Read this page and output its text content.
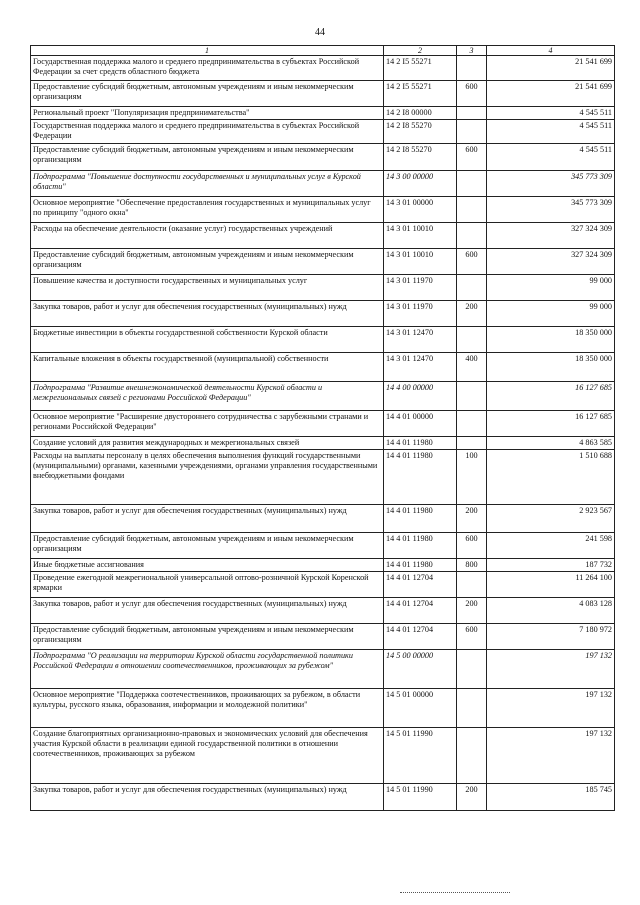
44
1	2	3	4
Государственная поддержка малого и среднего предпринимательства в субъектах Российской Федерации за счет средств областного бюджета	14 2 I5 55271		21 541 699
Предоставление субсидий бюджетным, автономным учреждениям и иным некоммерческим организациям	14 2 I5 55271	600	21 541 699
Региональный проект "Популяризация предпринимательства"	14 2 I8 00000		4 545 511
Государственная поддержка малого и среднего предпринимательства в субъектах Российской Федерации	14 2 I8 55270		4 545 511
Предоставление субсидий бюджетным, автономным учреждениям и иным некоммерческим организациям	14 2 I8 55270	600	4 545 511
Подпрограмма "Повышение доступности государственных и муниципальных услуг в Курской области"	14 3 00 00000		345 773 309
Основное мероприятие "Обеспечение предоставления государственных и муниципальных услуг по принципу "одного окна"	14 3 01 00000		345 773 309
Расходы на обеспечение деятельности (оказание услуг) государственных учреждений	14 3 01 10010		327 324 309
Предоставление субсидий бюджетным, автономным учреждениям и иным некоммерческим организациям	14 3 01 10010	600	327 324 309
Повышение качества и доступности государственных и муниципальных услуг	14 3 01 11970		99 000
Закупка товаров, работ и услуг для обеспечения государственных (муниципальных) нужд	14 3 01 11970	200	99 000
Бюджетные инвестиции в объекты государственной собственности Курской области	14 3 01 12470		18 350 000
Капитальные вложения в объекты государственной (муниципальной) собственности	14 3 01 12470	400	18 350 000
Подпрограмма "Развитие внешнеэкономической деятельности Курской области и межрегиональных связей с регионами Российской Федерации"	14 4 00 00000		16 127 685
Основное мероприятие "Расширение двустороннего сотрудничества с зарубежными странами и регионами Российской Федерации"	14 4 01 00000		16 127 685
Создание условий для развития международных и межрегиональных связей	14 4 01 11980		4 863 585
Расходы на выплаты персоналу в целях обеспечения выполнения функций государственными (муниципальными) органами, казенными учреждениями, органами управления государственными внебюджетными фондами	14 4 01 11980	100	1 510 688
Закупка товаров, работ и услуг для обеспечения государственных (муниципальных) нужд	14 4 01 11980	200	2 923 567
Предоставление субсидий бюджетным, автономным учреждениям и иным некоммерческим организациям	14 4 01 11980	600	241 598
Иные бюджетные ассигнования	14 4 01 11980	800	187 732
Проведение ежегодной межрегиональной универсальной оптово-розничной Курской Коренской ярмарки	14 4 01 12704		11 264 100
Закупка товаров, работ и услуг для обеспечения государственных (муниципальных) нужд	14 4 01 12704	200	4 083 128
Предоставление субсидий бюджетным, автономным учреждениям и иным некоммерческим организациям	14 4 01 12704	600	7 180 972
Подпрограмма "О реализации на территории Курской области государственной политики Российской Федерации в отношении соотечественников, проживающих за рубежом"	14 5 00 00000		197 132
Основное мероприятие "Поддержка соотечественников, проживающих за рубежом, в области культуры, русского языка, образования, информации и молодежной политики"	14 5 01 00000		197 132
Создание благоприятных организационно-правовых и экономических условий для обеспечения участия Курской области в реализации единой государственной политики в отношении соотечественников, проживающих за рубежом	14 5 01 11990		197 132
Закупка товаров, работ и услуг для обеспечения государственных (муниципальных) нужд	14 5 01 11990	200	185 745
